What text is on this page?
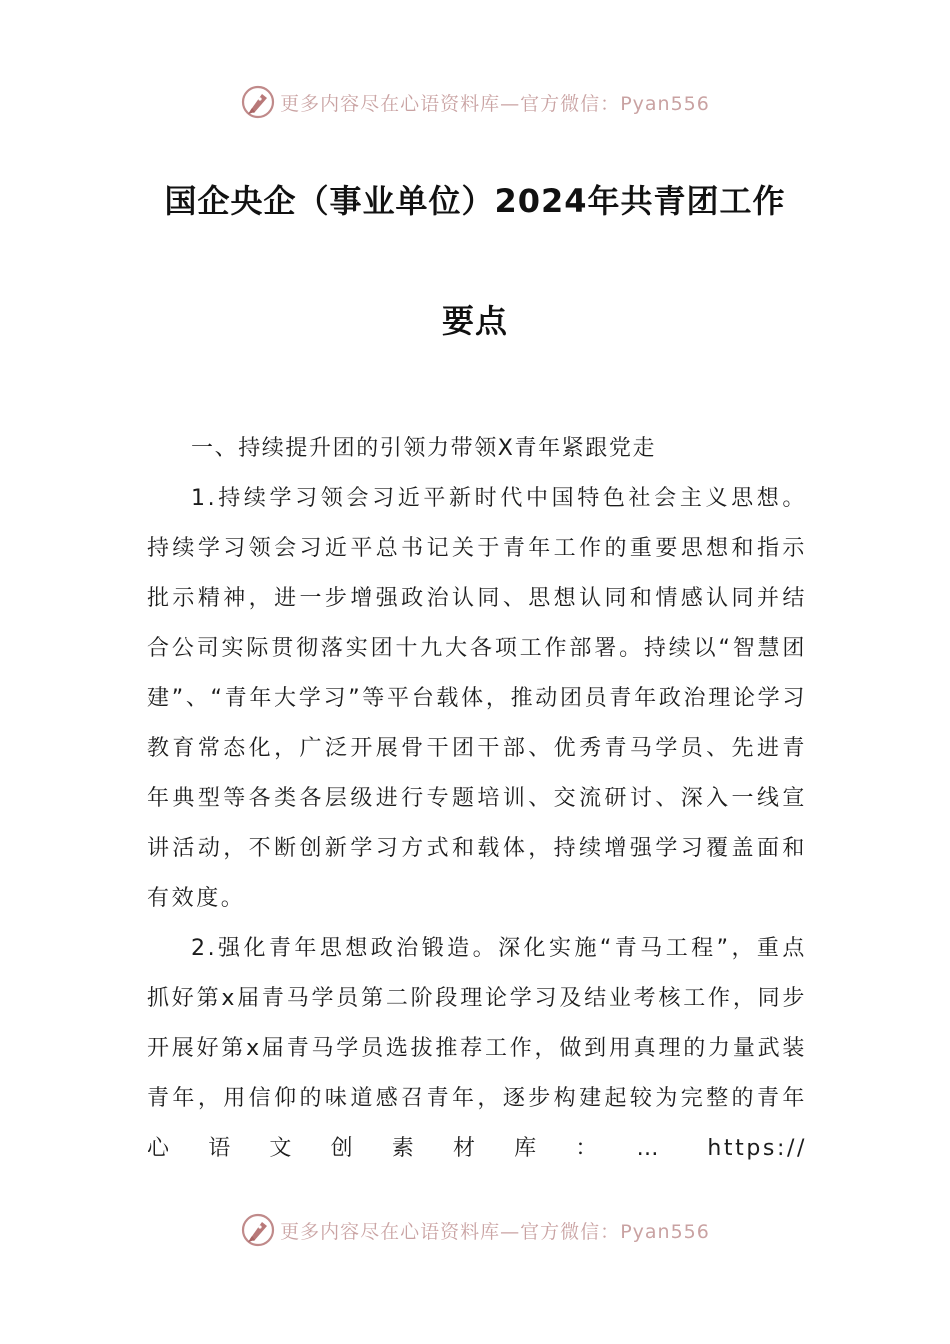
更多内容尽在心语资料库—官方微信：Pyan556
国企央企（事业单位）2024年共青团工作
要点

一、持续提升团的引领力带领X青年紧跟党走

1.持续学习领会习近平新时代中国特色社会主义思想。持续学习领会习近平总书记关于青年工作的重要思想和指示批示精神，进一步增强政治认同、思想认同和情感认同并结合公司实际贯彻落实团十九大各项工作部署。持续以“智慧团建”、“青年大学习”等平台载体，推动团员青年政治理论学习教育常态化，广泛开展骨干团干部、优秀青马学员、先进青年典型等各类各层级进行专题培训、交流研讨、深入一线宣讲活动，不断创新学习方式和载体，持续增强学习覆盖面和有效度。

2.强化青年思想政治锻造。深化实施“青马工程”，重点抓好第x届青马学员第二阶段理论学习及结业考核工作，同步开展好第x届青马学员选拔推荐工作，做到用真理的力量武装青年，用信仰的味道感召青年，逐步构建起较为完整的青年心语文创素材库：… https://

更多内容尽在心语资料库—官方微信：Pyan556
